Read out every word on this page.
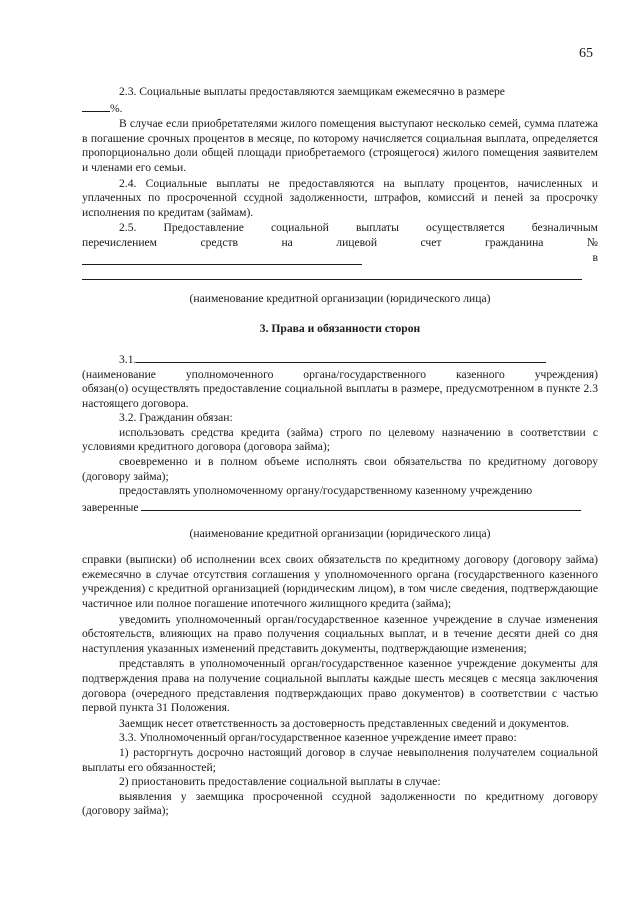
65

2.3. Социальные выплаты предоставляются заемщикам ежемесячно в размере

%.

В случае если приобретателями жилого помещения выступают несколько семей, сумма платежа в погашение срочных процентов в месяце, по которому начисляется социальная выплата, определяется пропорционально доли общей площади приобретаемого (строящегося) жилого помещения заявителем и членами его семьи.

2.4. Социальные выплаты не предоставляются на выплату процентов, начисленных и уплаченных по просроченной ссудной задолженности, штрафов, комиссий и пеней за просрочку исполнения по кредитам (займам).

2.5. Предоставление социальной выплаты осуществляется безналичным

перечислением средств на лицевой счет гражданина №

в

(наименование кредитной организации (юридического лица)

3. Права и обязанности сторон

3.1.

(наименование уполномоченного органа/государственного казенного учреждения)

обязан(о) осуществлять предоставление социальной выплаты в размере, предусмотренном в пункте 2.3 настоящего договора.

3.2. Гражданин обязан:

использовать средства кредита (займа) строго по целевому назначению в соответствии с условиями кредитного договора (договора займа);

своевременно и в полном объеме исполнять свои обязательства по кредитному договору (договору займа);

предоставлять уполномоченному органу/государственному казенному учреждению

заверенные

(наименование кредитной организации (юридического лица)

справки (выписки) об исполнении всех своих обязательств по кредитному договору (договору займа) ежемесячно в случае отсутствия соглашения у уполномоченного органа (государственного казенного учреждения) с кредитной организацией (юридическим лицом), в том числе сведения, подтверждающие частичное или полное погашение ипотечного жилищного кредита (займа);

уведомить уполномоченный орган/государственное казенное учреждение в случае изменения обстоятельств, влияющих на право получения социальных выплат, и в течение десяти дней со дня наступления указанных изменений представить документы, подтверждающие изменения;

представлять в уполномоченный орган/государственное казенное учреждение документы для подтверждения права на получение социальной выплаты каждые шесть месяцев с месяца заключения договора (очередного представления подтверждающих право документов) в соответствии с частью первой пункта 31 Положения.

Заемщик несет ответственность за достоверность представленных сведений и документов.

3.3. Уполномоченный орган/государственное казенное учреждение имеет право:

1) расторгнуть досрочно настоящий договор в случае невыполнения получателем социальной выплаты его обязанностей;

2) приостановить предоставление социальной выплаты в случае:

выявления у заемщика просроченной ссудной задолженности по кредитному договору (договору займа);
